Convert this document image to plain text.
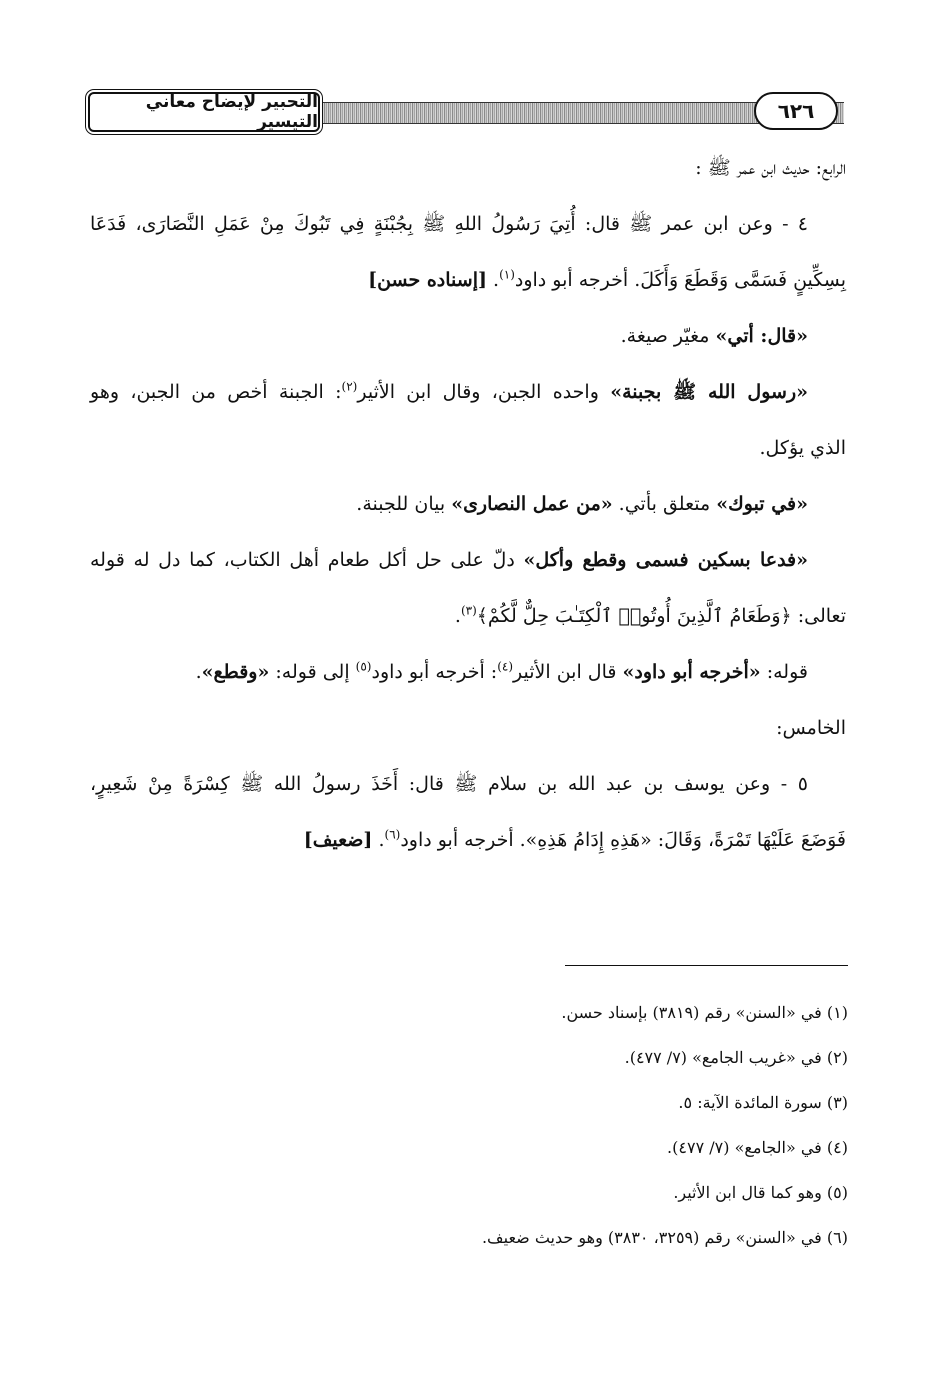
التحبير لإيضاح معاني التيسير	٦٢٦
الرابع: حديث ابن عمر ﷺ :
٤ - وعن ابن عمر ﷺ قال: أُتِيَ رَسُولُ اللهِ ﷺ بِجُبْنَةٍ فِي تَبُوكَ مِنْ عَمَلِ النَّصَارَى، فَدَعَا
بِسِكِّينٍ فَسَمَّى وَقَطَعَ وَأَكَلَ. أخرجه أبو داود$^{(١)}$. [إسناده حسن]
«قال: أتي» مغيّر صيغة.
«رسول الله ﷺ بجبنة» واحده الجبن، وقال ابن الأثير$^{(٢)}$: الجبنة أخص من الجبن، وهو
الذي يؤكل.
«في تبوك» متعلق بأتي. «من عمل النصارى» بيان للجبنة.
«فدعا بسكين فسمى وقطع وأكل» دلّ على حل أكل طعام أهل الكتاب، كما دل له قوله
تعالى: ﴿وَطَعَامُ ٱلَّذِينَ أُوتُوا۟ ٱلْكِتَـٰبَ حِلٌّ لَّكُمْ﴾$^{(٣)}$.
قوله: «أخرجه أبو داود» قال ابن الأثير$^{(٤)}$: أخرجه أبو داود$^{(٥)}$ إلى قوله: «وقطع».
الخامس:
٥ - وعن يوسف بن عبد الله بن سلام ﷺ قال: أَخَذَ رسولُ الله ﷺ كِسْرَةً مِنْ شَعِيرٍ،
فَوَضَعَ عَلَيْهَا تَمْرَةً، وَقَالَ: «هَذِهِ إِدَامُ هَذِهِ». أخرجه أبو داود$^{(٦)}$. [ضعيف]
(١) في «السنن» رقم (٣٨١٩) بإسناد حسن.
(٢) في «غريب الجامع» (٧/ ٤٧٧).
(٣) سورة المائدة الآية: ٥.
(٤) في «الجامع» (٧/ ٤٧٧).
(٥) وهو كما قال ابن الأثير.
(٦) في «السنن» رقم (٣٢٥٩، ٣٨٣٠) وهو حديث ضعيف.
